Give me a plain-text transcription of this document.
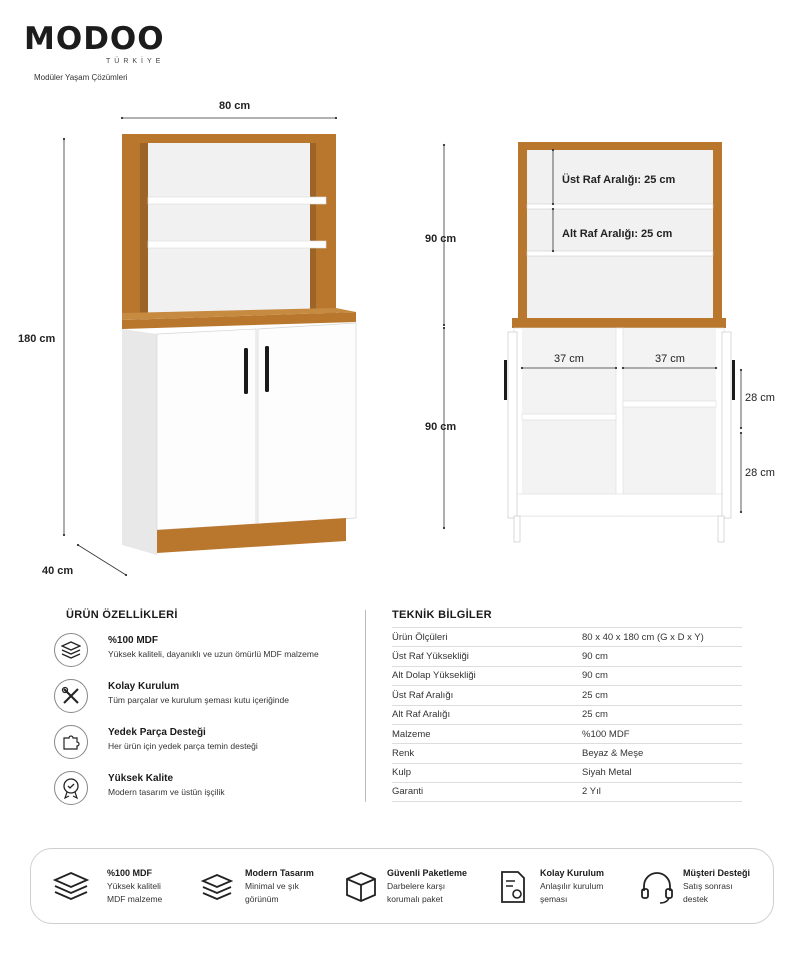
MODOO
TÜRKİYE
Modüler Yaşam Çözümleri
80 cm
180 cm
40 cm
90 cm
90 cm
Üst Raf Aralığı: 25 cm
Alt Raf Aralığı: 25 cm
37 cm	37 cm
28 cm
28 cm
ÜRÜN ÖZELLİKLERİ
%100 MDF
Yüksek kaliteli, dayanıklı ve uzun ömürlü MDF malzeme
Kolay Kurulum
Tüm parçalar ve kurulum şeması kutu içeriğinde
Yedek Parça Desteği
Her ürün için yedek parça temin desteği
Yüksek Kalite
Modern tasarım ve üstün işçilik
TEKNİK BİLGİLER
Ürün Ölçüleri	80 x 40 x 180 cm (G x D x Y)
Üst Raf Yüksekliği	90 cm
Alt Dolap Yüksekliği	90 cm
Üst Raf Aralığı	25 cm
Alt Raf Aralığı	25 cm
Malzeme	%100 MDF
Renk	Beyaz & Meşe
Kulp	Siyah Metal
Garanti	2 Yıl
%100 MDF
Yüksek kaliteli
MDF malzeme
Modern Tasarım
Minimal ve şık
görünüm
Güvenli Paketleme
Darbelere karşı
korumalı paket
Kolay Kurulum
Anlaşılır kurulum
şeması
Müşteri Desteği
Satış sonrası
destek
